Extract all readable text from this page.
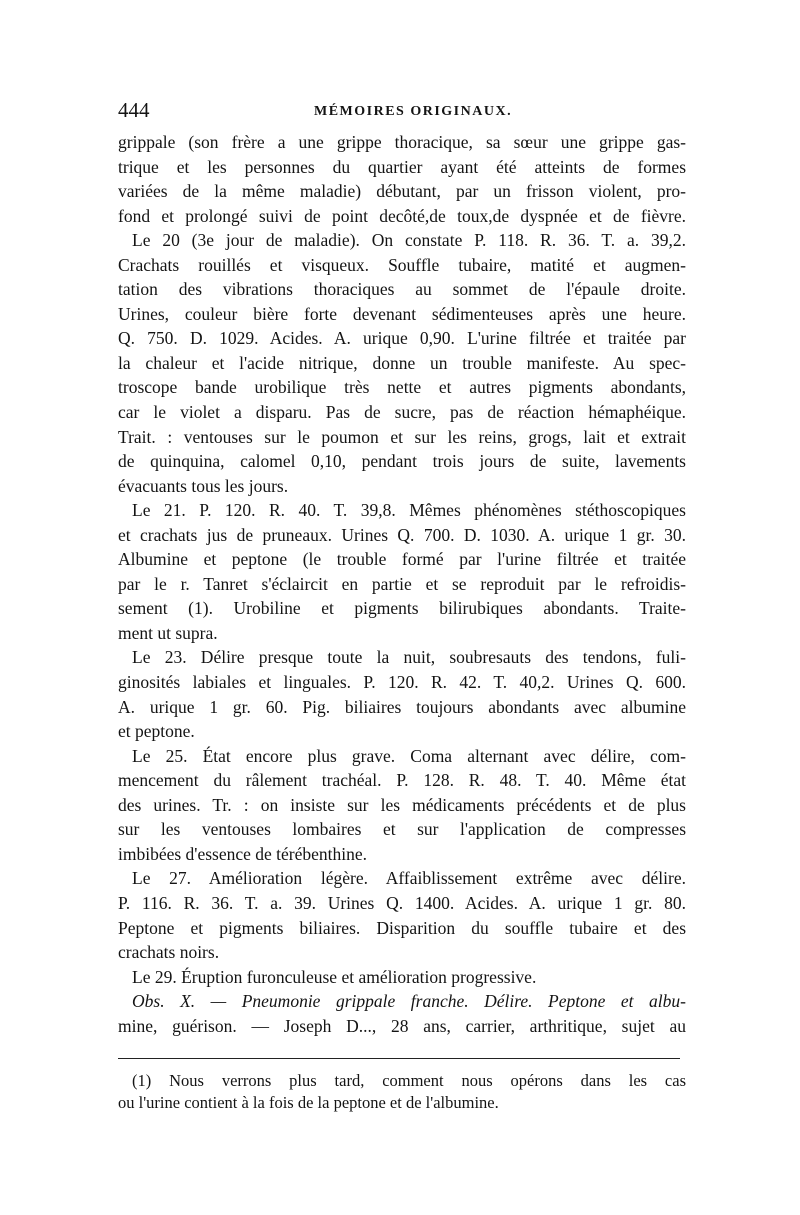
444	MÉMOIRES ORIGINAUX.
grippale (son frère a une grippe thoracique, sa sœur une grippe gas-
trique et les personnes du quartier ayant été atteints de formes
variées de la même maladie) débutant, par un frisson violent, pro-
fond et prolongé suivi de point decôté,de toux,de dyspnée et de fièvre.
Le 20 (3e jour de maladie). On constate P. 118. R. 36. T. a. 39,2.
Crachats rouillés et visqueux. Souffle tubaire, matité et augmen-
tation des vibrations thoraciques au sommet de l'épaule droite.
Urines, couleur bière forte devenant sédimenteuses après une heure.
Q. 750. D. 1029. Acides. A. urique 0,90. L'urine filtrée et traitée par
la chaleur et l'acide nitrique, donne un trouble manifeste. Au spec-
troscope bande urobilique très nette et autres pigments abondants,
car le violet a disparu. Pas de sucre, pas de réaction hémaphéique.
Trait. : ventouses sur le poumon et sur les reins, grogs, lait et extrait
de quinquina, calomel 0,10, pendant trois jours de suite, lavements
évacuants tous les jours.
Le 21. P. 120. R. 40. T. 39,8. Mêmes phénomènes stéthoscopiques
et crachats jus de pruneaux. Urines Q. 700. D. 1030. A. urique 1 gr. 30.
Albumine et peptone (le trouble formé par l'urine filtrée et traitée
par le r. Tanret s'éclaircit en partie et se reproduit par le refroidis-
sement (1). Urobiline et pigments bilirubiques abondants. Traite-
ment ut supra.
Le 23. Délire presque toute la nuit, soubresauts des tendons, fuli-
ginosités labiales et linguales. P. 120. R. 42. T. 40,2. Urines Q. 600.
A. urique 1 gr. 60. Pig. biliaires toujours abondants avec albumine
et peptone.
Le 25. État encore plus grave. Coma alternant avec délire, com-
mencement du râlement trachéal. P. 128. R. 48. T. 40. Même état
des urines. Tr. : on insiste sur les médicaments précédents et de plus
sur les ventouses lombaires et sur l'application de compresses
imbibées d'essence de térébenthine.
Le 27. Amélioration légère. Affaiblissement extrême avec délire.
P. 116. R. 36. T. a. 39. Urines Q. 1400. Acides. A. urique 1 gr. 80.
Peptone et pigments biliaires. Disparition du souffle tubaire et des
crachats noirs.
Le 29. Éruption furonculeuse et amélioration progressive.
Obs. X. — Pneumonie grippale franche. Délire. Peptone et albu-
mine, guérison. — Joseph D..., 28 ans, carrier, arthritique, sujet au
(1) Nous verrons plus tard, comment nous opérons dans les cas
ou l'urine contient à la fois de la peptone et de l'albumine.
